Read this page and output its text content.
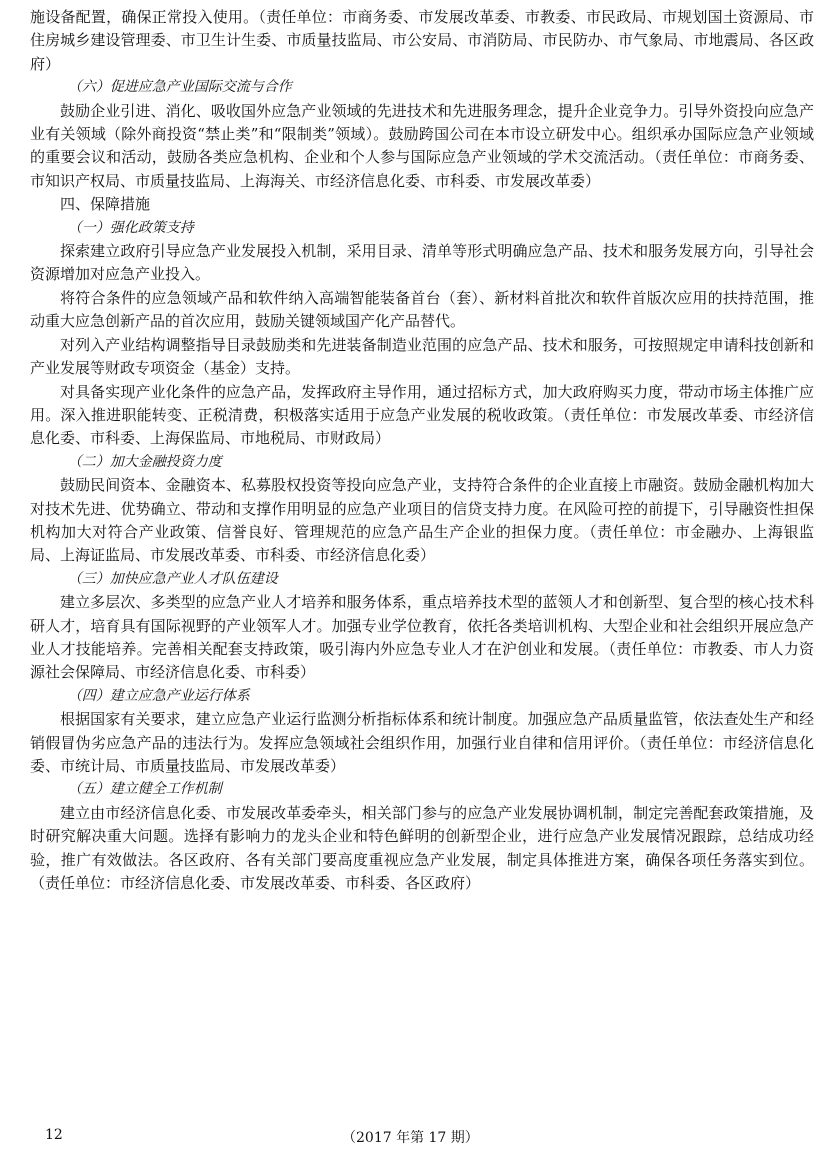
施设备配置，确保正常投入使用。（责任单位：市商务委、市发展改革委、市教委、市民政局、市规划国土资源局、市住房城乡建设管理委、市卫生计生委、市质量技监局、市公安局、市消防局、市民防办、市气象局、市地震局、各区政府）

（六）促进应急产业国际交流与合作

鼓励企业引进、消化、吸收国外应急产业领域的先进技术和先进服务理念，提升企业竞争力。引导外资投向应急产业有关领域（除外商投资“禁止类”和“限制类”领域）。鼓励跨国公司在本市设立研发中心。组织承办国际应急产业领域的重要会议和活动，鼓励各类应急机构、企业和个人参与国际应急产业领域的学术交流活动。（责任单位：市商务委、市知识产权局、市质量技监局、上海海关、市经济信息化委、市科委、市发展改革委）

四、保障措施

（一）强化政策支持

探索建立政府引导应急产业发展投入机制，采用目录、清单等形式明确应急产品、技术和服务发展方向，引导社会资源增加对应急产业投入。

将符合条件的应急领域产品和软件纳入高端智能装备首台（套）、新材料首批次和软件首版次应用的扶持范围，推动重大应急创新产品的首次应用，鼓励关键领域国产化产品替代。

对列入产业结构调整指导目录鼓励类和先进装备制造业范围的应急产品、技术和服务，可按照规定申请科技创新和产业发展等财政专项资金（基金）支持。

对具备实现产业化条件的应急产品，发挥政府主导作用，通过招标方式，加大政府购买力度，带动市场主体推广应用。深入推进职能转变、正税清费，积极落实适用于应急产业发展的税收政策。（责任单位：市发展改革委、市经济信息化委、市科委、上海保监局、市地税局、市财政局）

（二）加大金融投资力度

鼓励民间资本、金融资本、私募股权投资等投向应急产业，支持符合条件的企业直接上市融资。鼓励金融机构加大对技术先进、优势确立、带动和支撑作用明显的应急产业项目的信贷支持力度。在风险可控的前提下，引导融资性担保机构加大对符合产业政策、信誉良好、管理规范的应急产品生产企业的担保力度。（责任单位：市金融办、上海银监局、上海证监局、市发展改革委、市科委、市经济信息化委）

（三）加快应急产业人才队伍建设

建立多层次、多类型的应急产业人才培养和服务体系，重点培养技术型的蓝领人才和创新型、复合型的核心技术科研人才，培育具有国际视野的产业领军人才。加强专业学位教育，依托各类培训机构、大型企业和社会组织开展应急产业人才技能培养。完善相关配套支持政策，吸引海内外应急专业人才在沪创业和发展。（责任单位：市教委、市人力资源社会保障局、市经济信息化委、市科委）

（四）建立应急产业运行体系

根据国家有关要求，建立应急产业运行监测分析指标体系和统计制度。加强应急产品质量监管，依法查处生产和经销假冒伪劣应急产品的违法行为。发挥应急领域社会组织作用，加强行业自律和信用评价。（责任单位：市经济信息化委、市统计局、市质量技监局、市发展改革委）

（五）建立健全工作机制

建立由市经济信息化委、市发展改革委牵头，相关部门参与的应急产业发展协调机制，制定完善配套政策措施，及时研究解决重大问题。选择有影响力的龙头企业和特色鲜明的创新型企业，进行应急产业发展情况跟踪，总结成功经验，推广有效做法。各区政府、各有关部门要高度重视应急产业发展，制定具体推进方案，确保各项任务落实到位。（责任单位：市经济信息化委、市发展改革委、市科委、各区政府）

12	（2017 年第 17 期）
